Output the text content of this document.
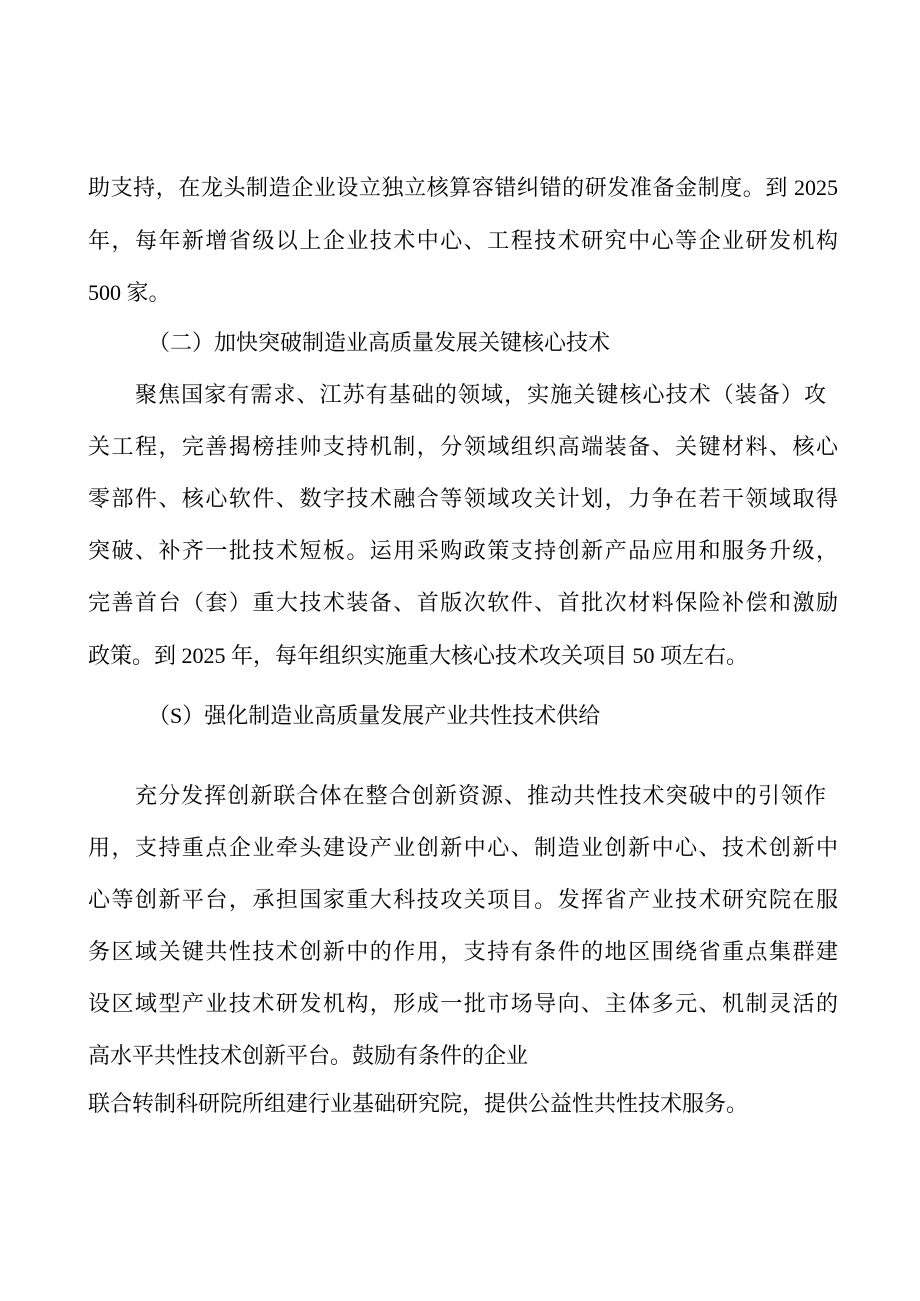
助支持，在龙头制造企业设立独立核算容错纠错的研发准备金制度。到 2025
年，每年新增省级以上企业技术中心、工程技术研究中心等企业研发机构
500 家。
（二）加快突破制造业高质量发展关键核心技术
聚焦国家有需求、江苏有基础的领域，实施关键核心技术（装备）攻
关工程，完善揭榜挂帅支持机制，分领域组织高端装备、关键材料、核心
零部件、核心软件、数字技术融合等领域攻关计划，力争在若干领域取得
突破、补齐一批技术短板。运用采购政策支持创新产品应用和服务升级，
完善首台（套）重大技术装备、首版次软件、首批次材料保险补偿和激励
政策。到 2025 年，每年组织实施重大核心技术攻关项目 50 项左右。
（S）强化制造业高质量发展产业共性技术供给
充分发挥创新联合体在整合创新资源、推动共性技术突破中的引领作
用，支持重点企业牵头建设产业创新中心、制造业创新中心、技术创新中
心等创新平台，承担国家重大科技攻关项目。发挥省产业技术研究院在服
务区域关键共性技术创新中的作用，支持有条件的地区围绕省重点集群建
设区域型产业技术研发机构，形成一批市场导向、主体多元、机制灵活的
高水平共性技术创新平台。鼓励有条件的企业
联合转制科研院所组建行业基础研究院，提供公益性共性技术服务。
